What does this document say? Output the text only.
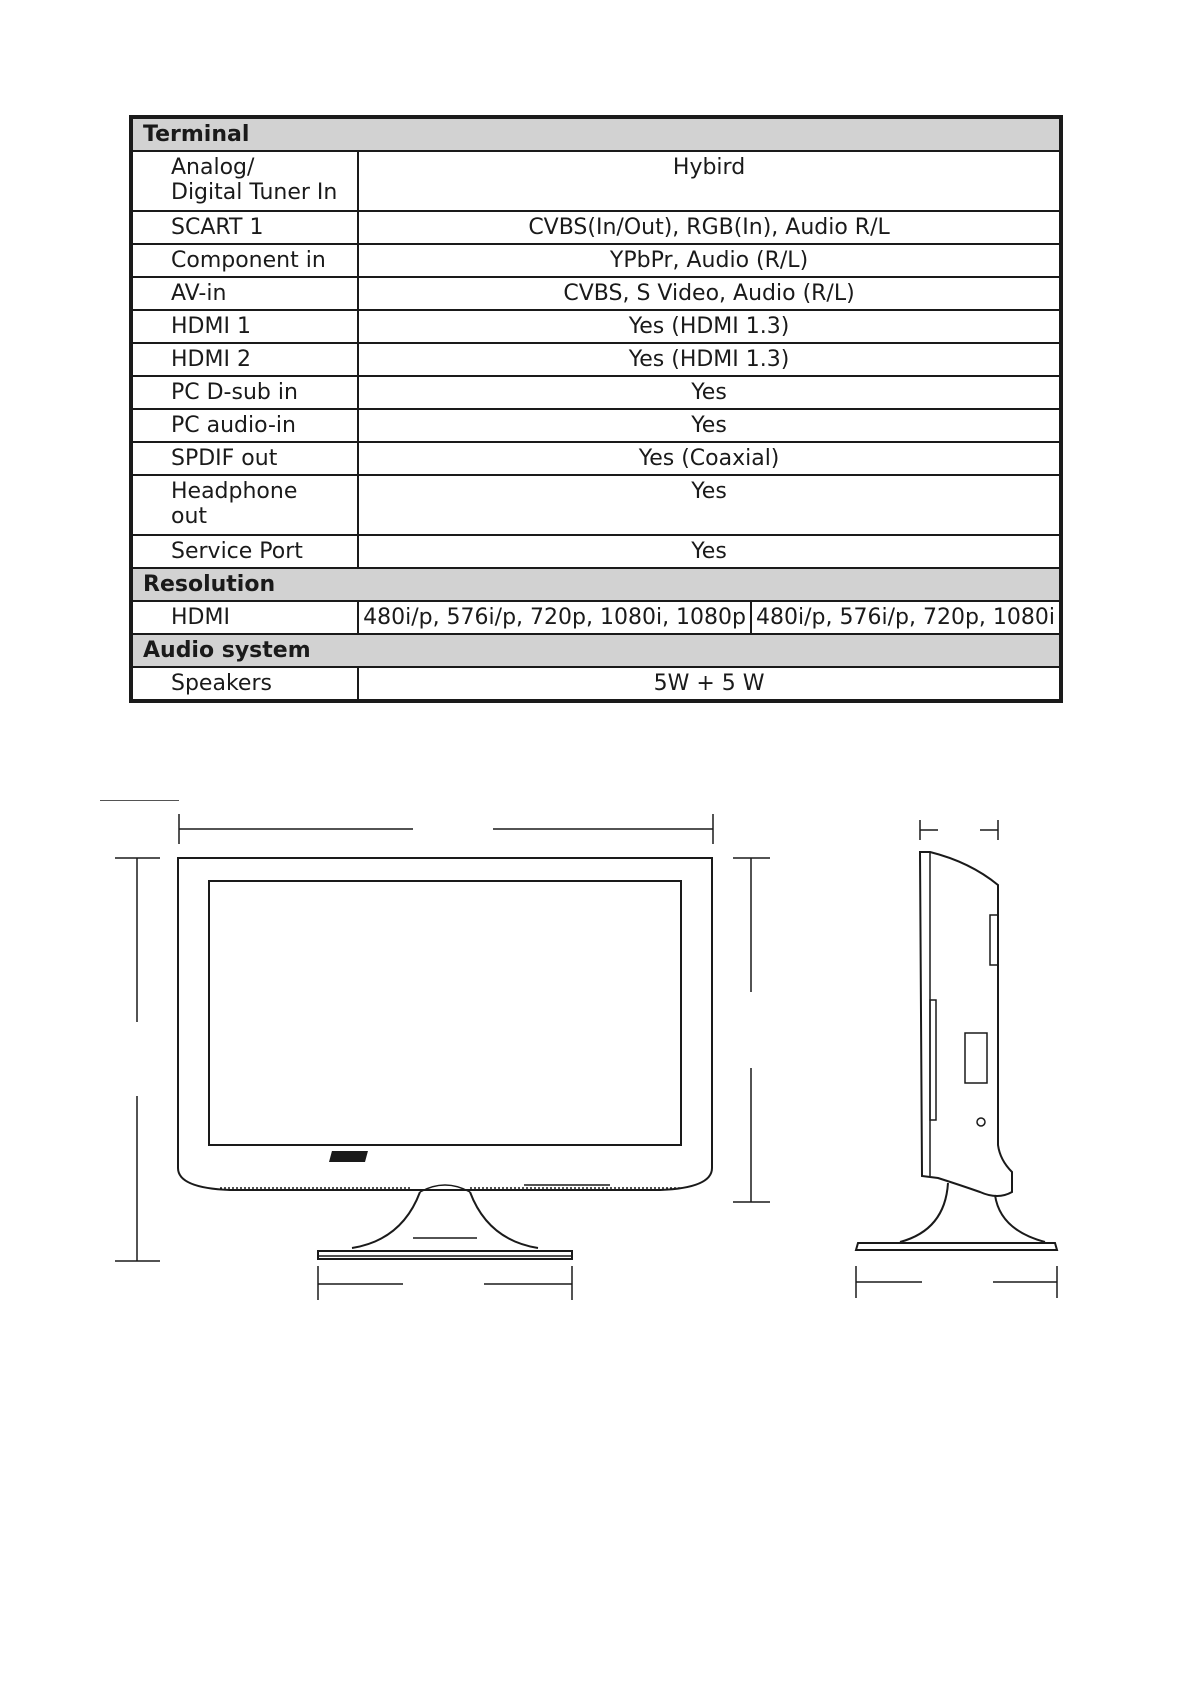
Terminal		
Analog/
Digital Tuner In	Hybird	
SCART 1	CVBS(In/Out), RGB(In), Audio R/L	
Component in	YPbPr, Audio (R/L)	
AV-in	CVBS, S Video, Audio (R/L)	
HDMI 1	Yes (HDMI 1.3)	
HDMI 2	Yes (HDMI 1.3)	
PC D-sub in	Yes	
PC audio-in	Yes	
SPDIF out	Yes (Coaxial)	
Headphone
out	Yes	
Service Port	Yes	
Resolution		
HDMI	480i/p, 576i/p, 720p, 1080i, 1080p	480i/p, 576i/p, 720p, 1080i
Audio system		
Speakers	5W + 5 W	
acer
